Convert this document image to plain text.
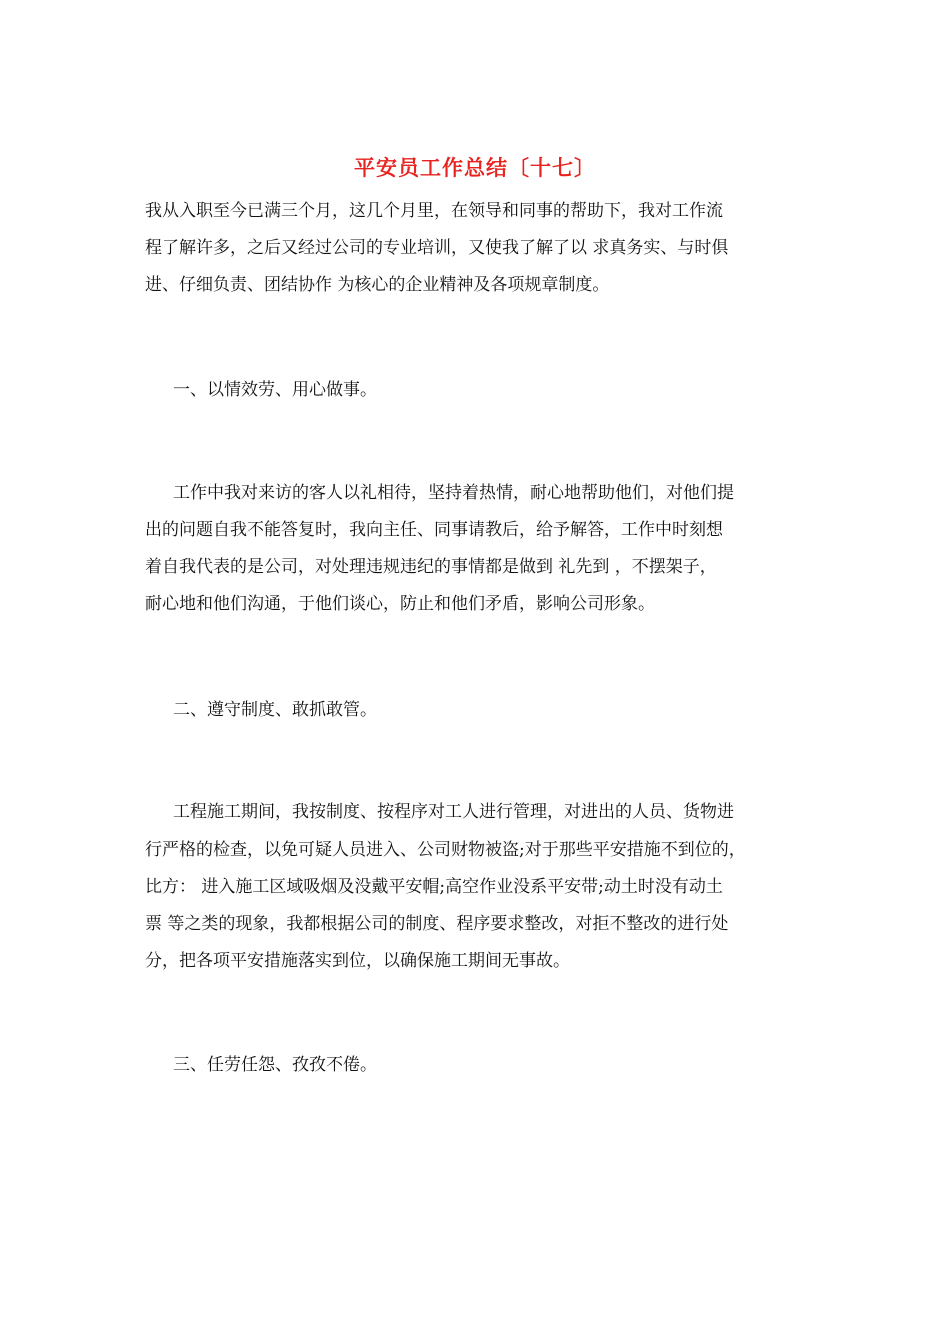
平安员工作总结〔十七〕

我从入职至今已满三个月，这几个月里，在领导和同事的帮助下，我对工作流

程了解许多，之后又经过公司的专业培训，又使我了解了以 求真务实、与时俱

进、仔细负责、团结协作 为核心的企业精神及各项规章制度。

一、以情效劳、用心做事。

工作中我对来访的客人以礼相待，坚持着热情，耐心地帮助他们，对他们提

出的问题自我不能答复时，我向主任、同事请教后，给予解答，工作中时刻想

着自我代表的是公司，对处理违规违纪的事情都是做到 礼先到 ，不摆架子，

耐心地和他们沟通，于他们谈心，防止和他们矛盾，影响公司形象。

二、遵守制度、敢抓敢管。

工程施工期间，我按制度、按程序对工人进行管理，对进出的人员、货物进

行严格的检查，以免可疑人员进入、公司财物被盗;对于那些平安措施不到位的，

比方： 进入施工区域吸烟及没戴平安帽;高空作业没系平安带;动土时没有动土

票 等之类的现象，我都根据公司的制度、程序要求整改，对拒不整改的进行处

分，把各项平安措施落实到位，以确保施工期间无事故。

三、任劳任怨、孜孜不倦。
